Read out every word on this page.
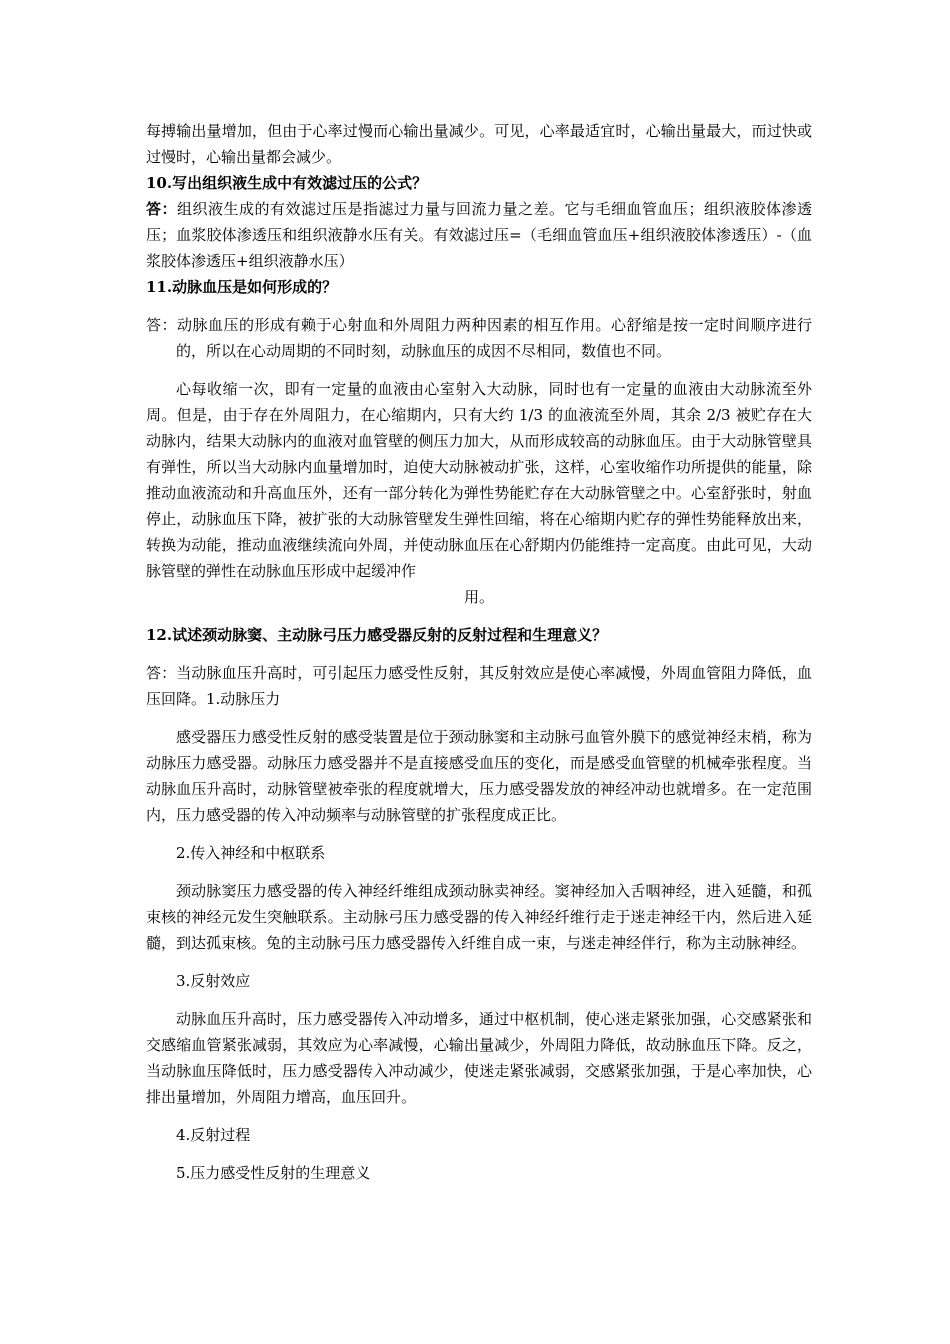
每搏输出量增加，但由于心率过慢而心输出量减少。可见，心率最适宜时，心输出量最大，而过快或过慢时，心输出量都会减少。

10.写出组织液生成中有效滤过压的公式？

答：组织液生成的有效滤过压是指滤过力量与回流力量之差。它与毛细血管血压；组织液胶体渗透压；血浆胶体渗透压和组织液静水压有关。有效滤过压=（毛细血管血压+组织液胶体渗透压）-（血浆胶体渗透压+组织液静水压）

11.动脉血压是如何形成的？

答：动脉血压的形成有赖于心射血和外周阻力两种因素的相互作用。心舒缩是按一定时间顺序进行的，所以在心动周期的不同时刻，动脉血压的成因不尽相同，数值也不同。

心每收缩一次，即有一定量的血液由心室射入大动脉，同时也有一定量的血液由大动脉流至外周。但是，由于存在外周阻力，在心缩期内，只有大约 1/3 的血液流至外周，其余 2/3 被贮存在大动脉内，结果大动脉内的血液对血管壁的侧压力加大，从而形成较高的动脉血压。由于大动脉管壁具有弹性，所以当大动脉内血量增加时，迫使大动脉被动扩张，这样，心室收缩作功所提供的能量，除推动血液流动和升高血压外，还有一部分转化为弹性势能贮存在大动脉管壁之中。心室舒张时，射血停止，动脉血压下降，被扩张的大动脉管壁发生弹性回缩，将在心缩期内贮存的弹性势能释放出来，转换为动能，推动血液继续流向外周，并使动脉血压在心舒期内仍能维持一定高度。由此可见，大动脉管壁的弹性在动脉血压形成中起缓冲作

用。

12.试述颈动脉窦、主动脉弓压力感受器反射的反射过程和生理意义？

答：当动脉血压升高时，可引起压力感受性反射，其反射效应是使心率减慢，外周血管阻力降低，血压回降。1.动脉压力

感受器压力感受性反射的感受装置是位于颈动脉窦和主动脉弓血管外膜下的感觉神经末梢，称为动脉压力感受器。动脉压力感受器并不是直接感受血压的变化，而是感受血管壁的机械牵张程度。当动脉血压升高时，动脉管壁被牵张的程度就增大，压力感受器发放的神经冲动也就增多。在一定范围内，压力感受器的传入冲动频率与动脉管壁的扩张程度成正比。

2.传入神经和中枢联系

颈动脉窦压力感受器的传入神经纤维组成颈动脉卖神经。窦神经加入舌咽神经，进入延髓，和孤束核的神经元发生突触联系。主动脉弓压力感受器的传入神经纤维行走于迷走神经干内，然后进入延髓，到达孤束核。兔的主动脉弓压力感受器传入纤维自成一束，与迷走神经伴行，称为主动脉神经。

3.反射效应

动脉血压升高时，压力感受器传入冲动增多，通过中枢机制，使心迷走紧张加强，心交感紧张和交感缩血管紧张减弱，其效应为心率减慢，心输出量减少，外周阻力降低，故动脉血压下降。反之，当动脉血压降低时，压力感受器传入冲动减少，使迷走紧张减弱，交感紧张加强，于是心率加快，心排出量增加，外周阻力增高，血压回升。

4.反射过程

5.压力感受性反射的生理意义
